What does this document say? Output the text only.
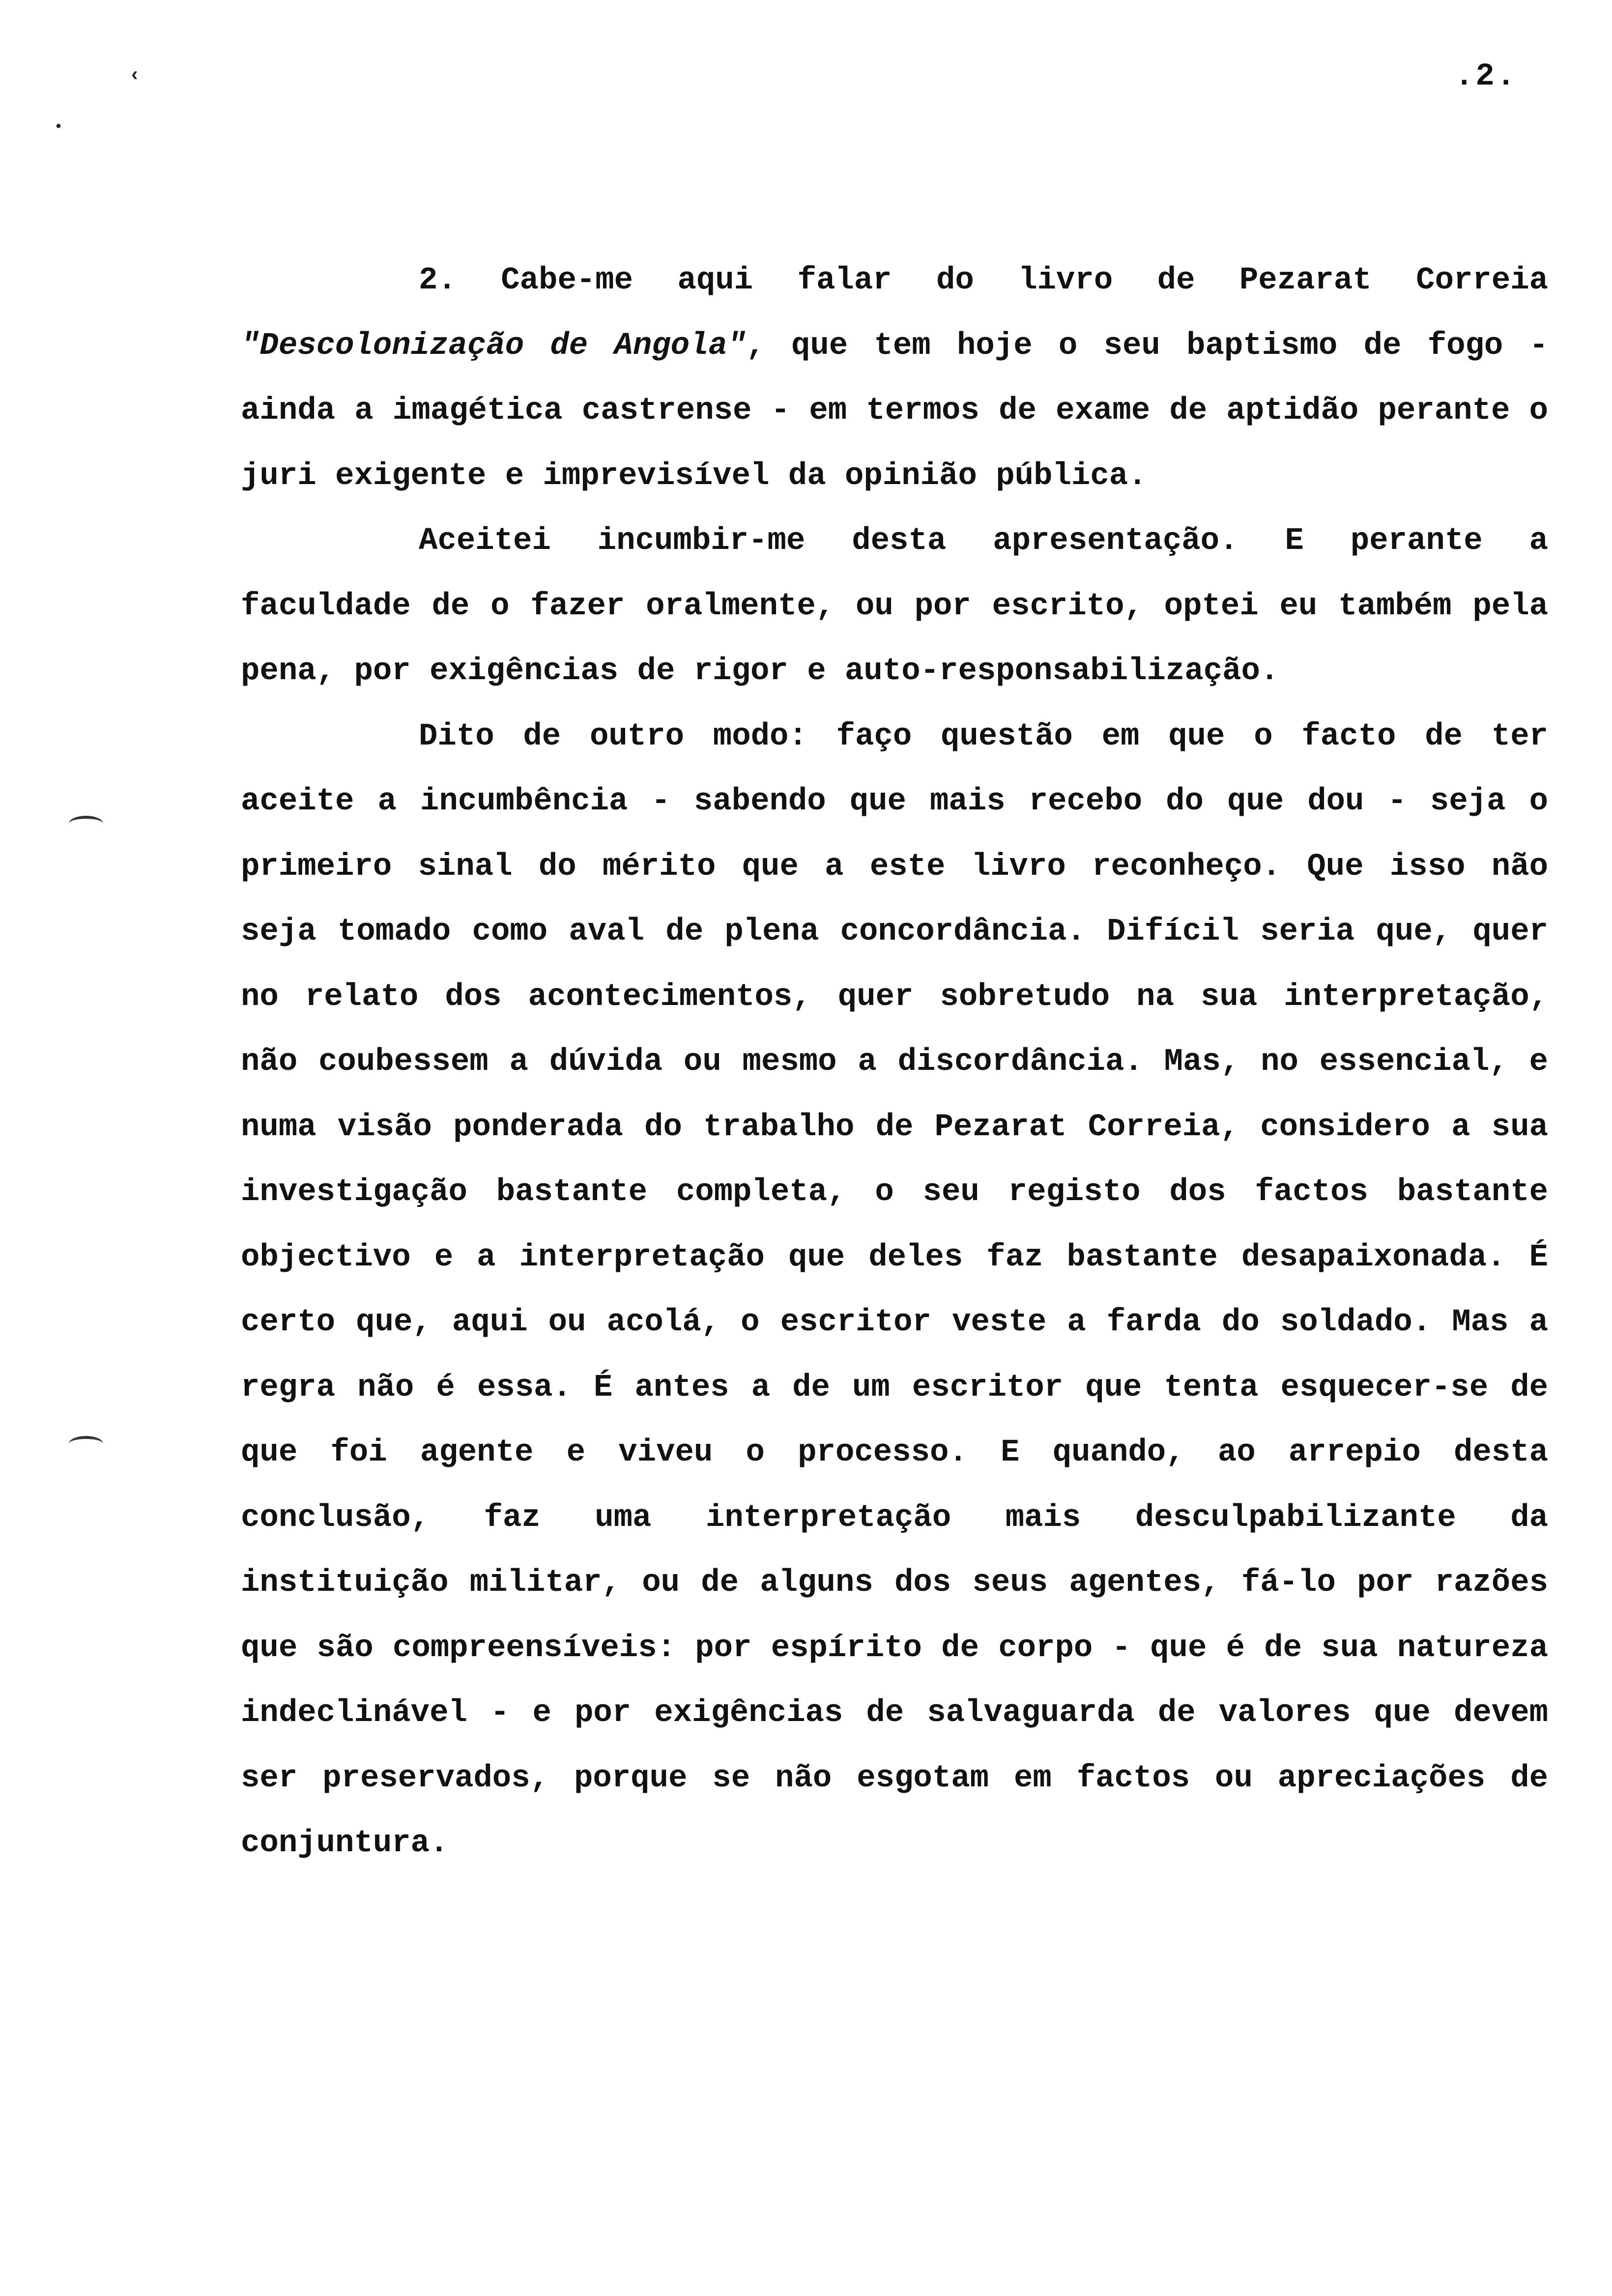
‹
•
.2.

2. Cabe-me aqui falar do livro de Pezarat Correia "Descolonização de Angola", que tem hoje o seu baptismo de fogo - ainda a imagética castrense - em termos de exame de aptidão perante o juri exigente e imprevisível da opinião pública.

Aceitei incumbir-me desta apresentação. E perante a faculdade de o fazer oralmente, ou por escrito, optei eu também pela pena, por exigências de rigor e auto-responsabilização.

Dito de outro modo: faço questão em que o facto de ter aceite a incumbência - sabendo que mais recebo do que dou - seja o primeiro sinal do mérito que a este livro reconheço. Que isso não seja tomado como aval de plena concordância. Difícil seria que, quer no relato dos acontecimentos, quer sobretudo na sua interpretação, não coubessem a dúvida ou mesmo a discordância. Mas, no essencial, e numa visão ponderada do trabalho de Pezarat Correia, considero a sua investigação bastante completa, o seu registo dos factos bastante objectivo e a interpretação que deles faz bastante desapaixonada. É certo que, aqui ou acolá, o escritor veste a farda do soldado. Mas a regra não é essa. É antes a de um escritor que tenta esquecer-se de que foi agente e viveu o processo. E quando, ao arrepio desta conclusão, faz uma interpretação mais desculpabilizante da instituição militar, ou de alguns dos seus agentes, fá-lo por razões que são compreensíveis: por espírito de corpo - que é de sua natureza indeclinável - e por exigências de salvaguarda de valores que devem ser preservados, porque se não esgotam em factos ou apreciações de conjuntura.
